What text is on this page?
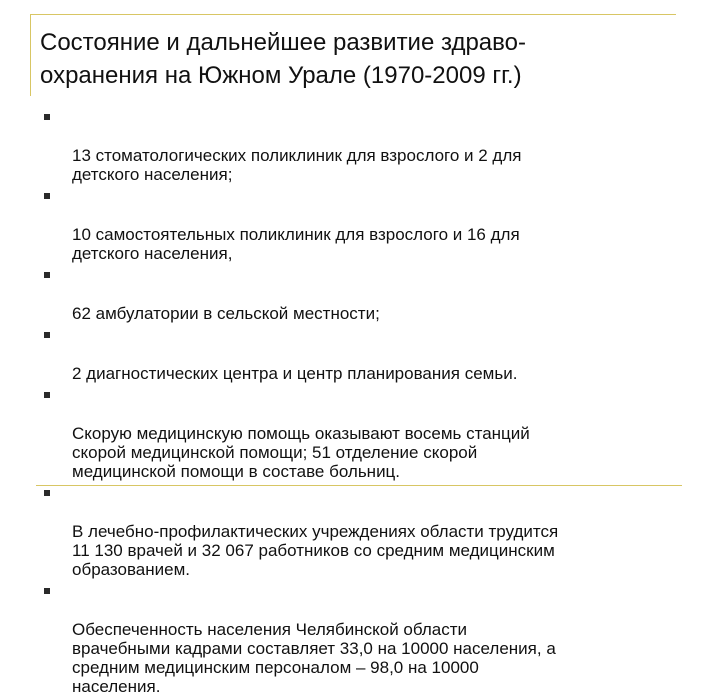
Состояние и дальнейшее развитие здраво-
охранения на Южном Урале (1970-2009 гг.)

13 стоматологических поликлиник для взрослого и 2 для
детского населения;

10 самостоятельных поликлиник для взрослого и 16 для
детского населения,

62 амбулатории в сельской местности;

2 диагностических центра и центр планирования семьи.

Скорую медицинскую помощь оказывают восемь станций
скорой медицинской помощи; 51 отделение скорой
медицинской помощи в составе больниц.

В лечебно-профилактических учреждениях области трудится
11 130 врачей и 32 067 работников со средним медицинским
образованием.

Обеспеченность населения Челябинской области
врачебными кадрами составляет 33,0 на 10000 населения, а
средним медицинским персоналом – 98,0 на 10000
населения.
